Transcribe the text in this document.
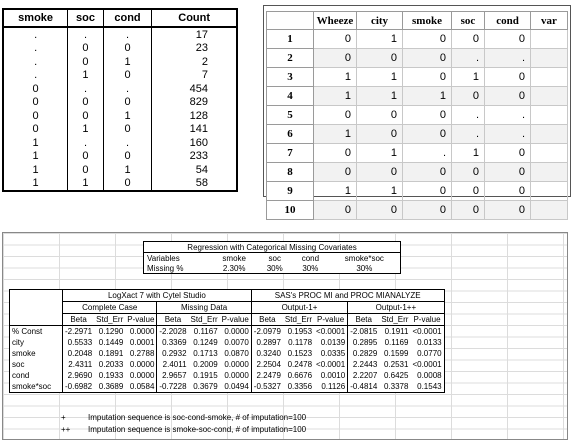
smoke	soc	cond	Count
.	.	.	17
.	0	0	23
.	0	1	2
.	1	0	7
0	.	.	454
0	0	0	829
0	0	1	128
0	1	0	141
1	.	.	160
1	0	0	233
1	0	1	54
1	1	0	58
	Wheeze	city	smoke	soc	cond	var
1	0	1	0	0	0	
2	0	0	0	.	.	
3	1	1	0	1	0	
4	1	1	1	0	0	
5	0	0	0	.	.	
6	1	0	0	.	.	
7	0	1	.	1	0	
8	0	0	0	0	0	
9	1	1	0	0	0	
10	0	0	0	0	0	
Regression with Categorical Missing Covariates				
Variables	smoke	soc	cond	smoke*soc
Missing %	2.30%	30%	30%	30%
	LogXact 7 with Cytel Studio						SAS's PROC MI and PROC MIANALYZE					
	Complete Case			Missing Data			Output-1+			Output-1++		
	Beta	Std_Err	P-value	Beta	Std_Err	P-value	Beta	Std_Err	P-value	Beta	Std_Err	P-value
% Const	-2.2971	0.1290	0.0000	-2.2028	0.1167	0.0000	-2.0979	0.1953	<0.0001	-2.0815	0.1911	<0.0001
city	0.5533	0.1449	0.0001	0.3369	0.1249	0.0070	0.2897	0.1178	0.0139	0.2895	0.1169	0.0133
smoke	0.2048	0.1891	0.2788	0.2932	0.1713	0.0870	0.3240	0.1523	0.0335	0.2829	0.1599	0.0770
soc	2.4311	0.2033	0.0000	2.4011	0.2009	0.0000	2.2504	0.2478	<0.0001	2.2443	0.2531	<0.0001
cond	2.9690	0.1933	0.0000	2.9657	0.1915	0.0000	2.2479	0.6676	0.0010	2.2207	0.6425	0.0008
smoke*soc	-0.6982	0.3689	0.0584	-0.7228	0.3679	0.0494	-0.5327	0.3356	0.1126	-0.4814	0.3378	0.1543
+	Imputation sequence is soc-cond-smoke, # of imputation=100
++	Imputation sequence is smoke-soc-cond, # of imputation=100
